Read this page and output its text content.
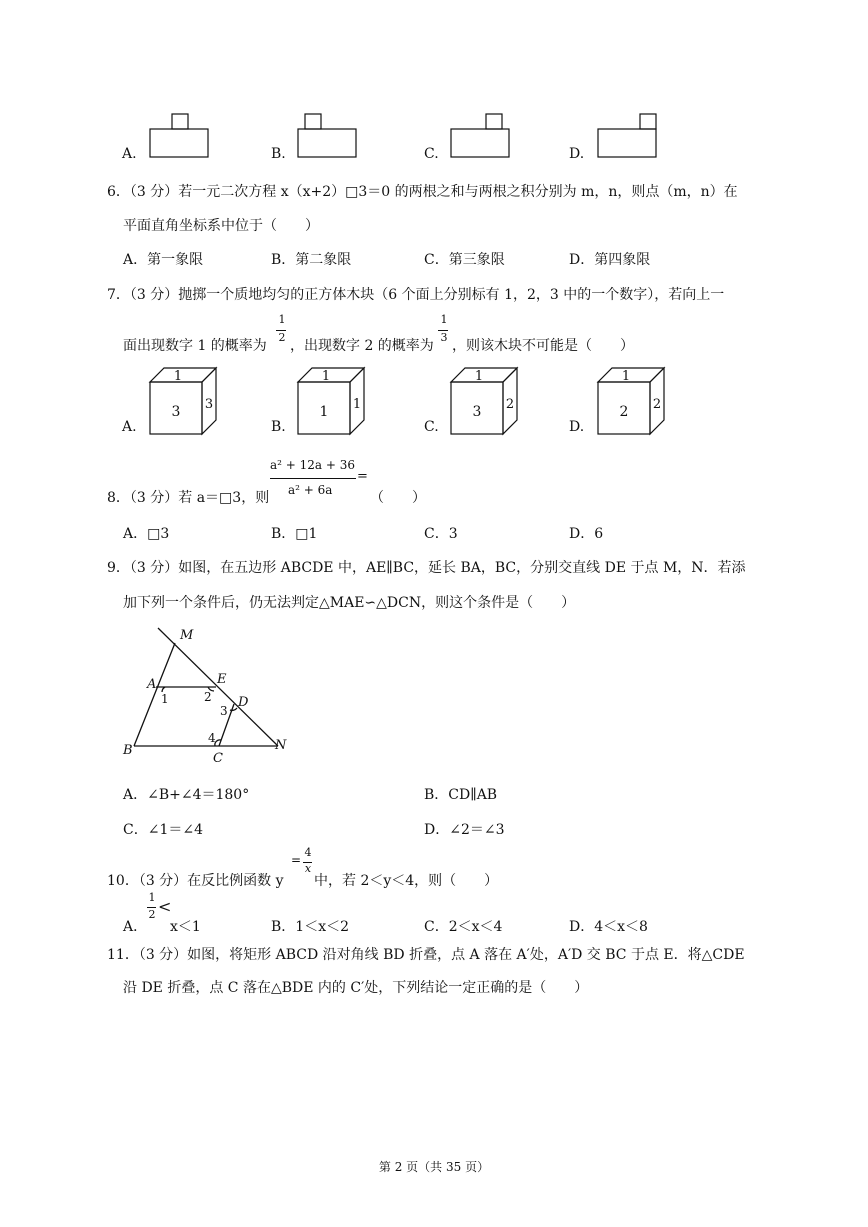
A.	B.	C.	D.
6．（3 分）若一元二次方程 x（x+2）□3＝0 的两根之和与两根之积分别为 m，n，则点（m，n）在
平面直角坐标系中位于（　　）
A．第一象限	B．第二象限	C．第三象限	D．第四象限
7．（3 分）抛掷一个质地均匀的正方体木块（6 个面上分别标有 1，2，3 中的一个数字），若向上一
面出现数字 1 的概率为
1
2
，出现数字 2 的概率为
1
3
，则该木块不可能是（　　）
A.	B.	C.	D.
1
3 3
1
1 1
1
3 2
1
2 2
8．（3 分）若 a＝□3，则
a² + 12a + 36
a² + 6a
=
（　　）
A．□3	B．□1	C．3	D．6
9．（3 分）如图，在五边形 ABCDE 中，AE∥BC，延长 BA，BC，分别交直线 DE 于点 M，N．若添
加下列一个条件后，仍无法判定△MAE∽△DCN，则这个条件是（　　）
M
A	E
D
B
C
N
1	2
3
4
A．∠B+∠4＝180°	B．CD∥AB
C．∠1＝∠4	D．∠2＝∠3
10．（3 分）在反比例函数 y
=
4
x
中，若 2＜y＜4，则（　　）
A．
1
2 <
x＜1	B．1＜x＜2	C．2＜x＜4	D．4＜x＜8
11．（3 分）如图，将矩形 ABCD 沿对角线 BD 折叠，点 A 落在 A′处，A′D 交 BC 于点 E．将△CDE
沿 DE 折叠，点 C 落在△BDE 内的 C′处，下列结论一定正确的是（　　）
第 2 页（共 35 页）
